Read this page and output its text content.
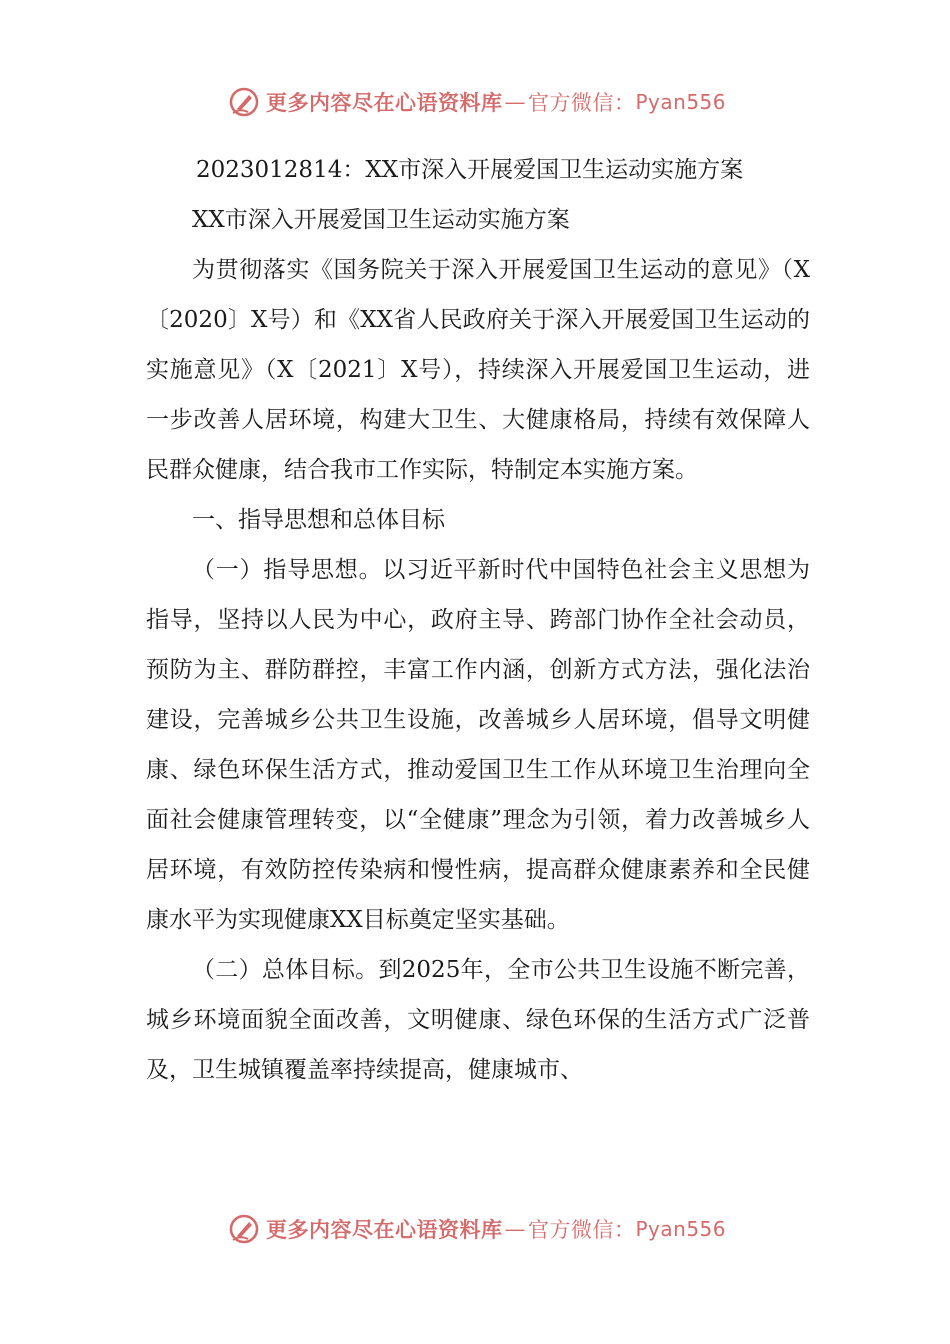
更多内容尽在心语资料库 — 官方微信： Pyan556

2023012814：XX市深入开展爱国卫生运动实施方案

XX市深入开展爱国卫生运动实施方案

为贯彻落实《国务院关于深入开展爱国卫生运动的意见》（X〔2020〕X号）和《XX省人民政府关于深入开展爱国卫生运动的实施意见》（X〔2021〕X号），持续深入开展爱国卫生运动，进一步改善人居环境，构建大卫生、大健康格局，持续有效保障人民群众健康，结合我市工作实际，特制定本实施方案。

一、指导思想和总体目标

（一）指导思想。以习近平新时代中国特色社会主义思想为指导，坚持以人民为中心，政府主导、跨部门协作全社会动员，预防为主、群防群控，丰富工作内涵，创新方式方法，强化法治建设，完善城乡公共卫生设施，改善城乡人居环境，倡导文明健康、绿色环保生活方式，推动爱国卫生工作从环境卫生治理向全面社会健康管理转变，以“全健康”理念为引领，着力改善城乡人居环境，有效防控传染病和慢性病，提高群众健康素养和全民健康水平为实现健康XX目标奠定坚实基础。

（二）总体目标。到2025年，全市公共卫生设施不断完善，城乡环境面貌全面改善，文明健康、绿色环保的生活方式广泛普及，卫生城镇覆盖率持续提高，健康城市、

更多内容尽在心语资料库 — 官方微信： Pyan556
